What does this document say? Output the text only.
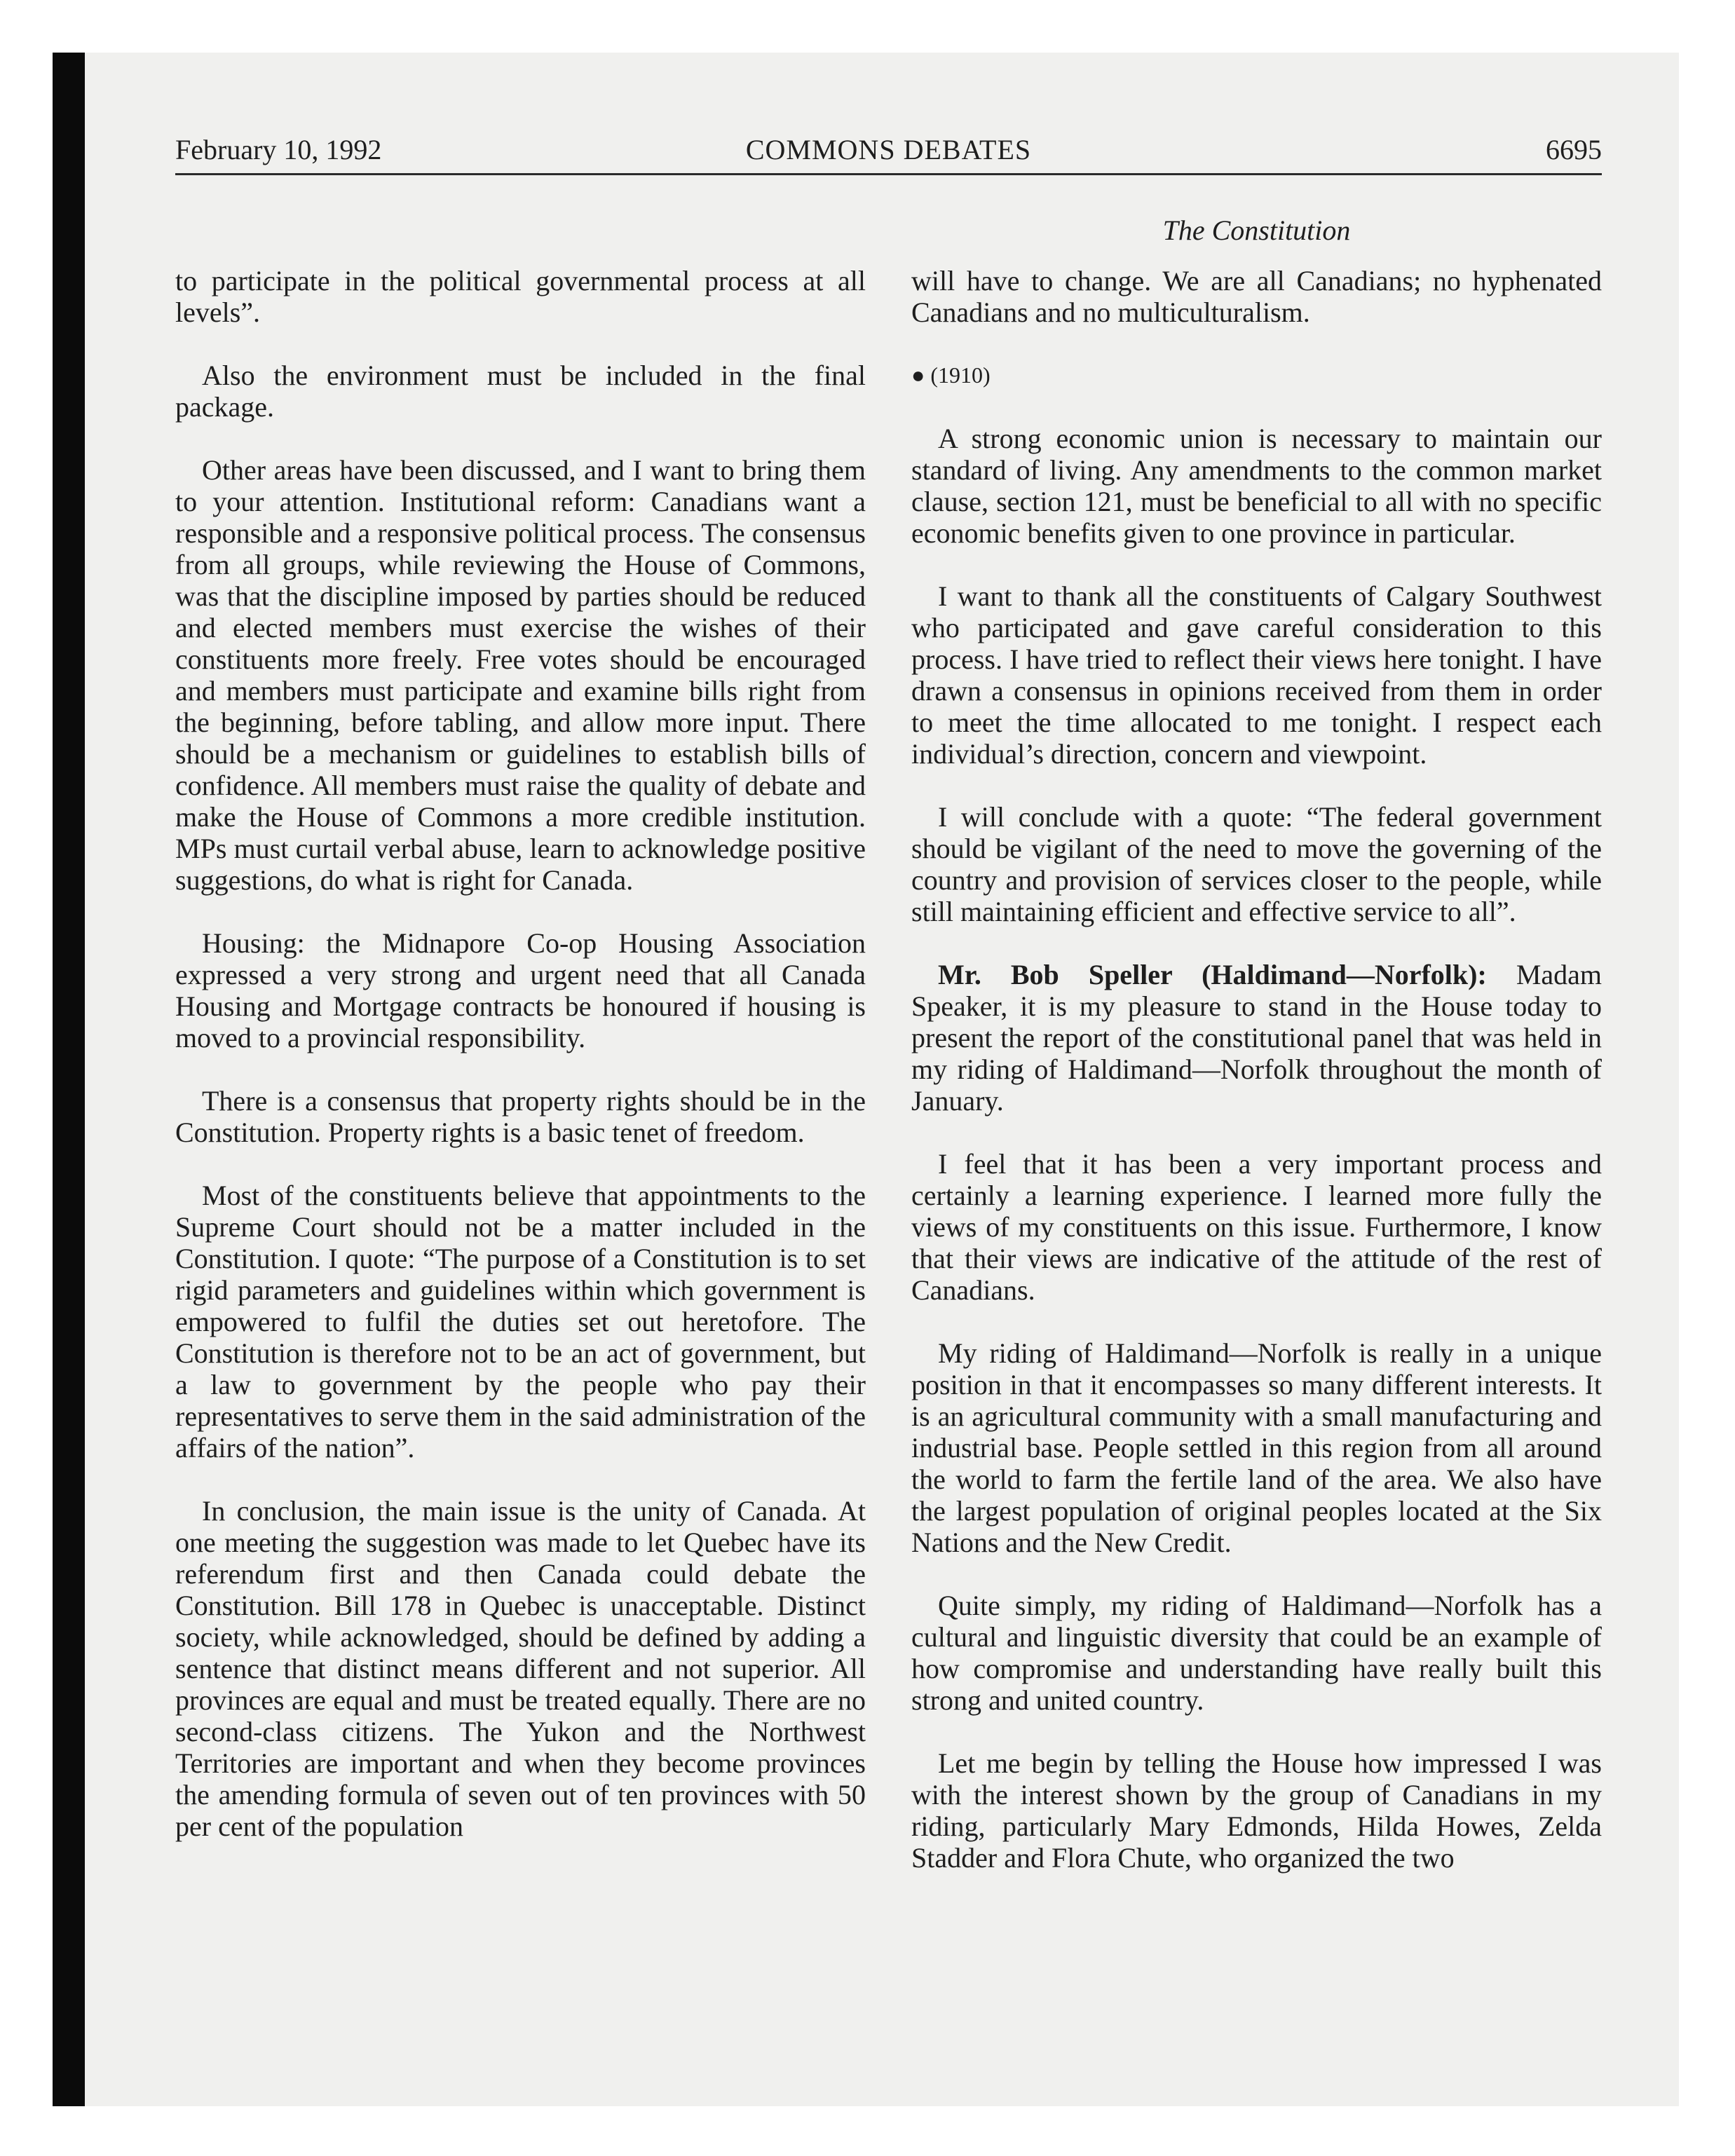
February 10, 1992	COMMONS DEBATES	6695
The Constitution

to participate in the political governmental process at all levels”.

Also the environment must be included in the final package.

Other areas have been discussed, and I want to bring them to your attention. Institutional reform: Canadians want a responsible and a responsive political process. The consensus from all groups, while reviewing the House of Commons, was that the discipline imposed by parties should be reduced and elected members must exercise the wishes of their constituents more freely. Free votes should be encouraged and members must participate and examine bills right from the beginning, before tabling, and allow more input. There should be a mechanism or guidelines to establish bills of confidence. All members must raise the quality of debate and make the House of Commons a more credible institution. MPs must curtail verbal abuse, learn to acknowledge positive suggestions, do what is right for Canada.

Housing: the Midnapore Co-op Housing Association expressed a very strong and urgent need that all Canada Housing and Mortgage contracts be honoured if housing is moved to a provincial responsibility.

There is a consensus that property rights should be in the Constitution. Property rights is a basic tenet of freedom.

Most of the constituents believe that appointments to the Supreme Court should not be a matter included in the Constitution. I quote: “The purpose of a Constitution is to set rigid parameters and guidelines within which government is empowered to fulfil the duties set out heretofore. The Constitution is therefore not to be an act of government, but a law to government by the people who pay their representatives to serve them in the said administration of the affairs of the nation”.

In conclusion, the main issue is the unity of Canada. At one meeting the suggestion was made to let Quebec have its referendum first and then Canada could debate the Constitution. Bill 178 in Quebec is unacceptable. Distinct society, while acknowledged, should be defined by adding a sentence that distinct means different and not superior. All provinces are equal and must be treated equally. There are no second-class citizens. The Yukon and the Northwest Territories are important and when they become provinces the amending formula of seven out of ten provinces with 50 per cent of the population

will have to change. We are all Canadians; no hyphenated Canadians and no multiculturalism.

● (1910)

A strong economic union is necessary to maintain our standard of living. Any amendments to the common market clause, section 121, must be beneficial to all with no specific economic benefits given to one province in particular.

I want to thank all the constituents of Calgary Southwest who participated and gave careful consideration to this process. I have tried to reflect their views here tonight. I have drawn a consensus in opinions received from them in order to meet the time allocated to me tonight. I respect each individual’s direction, concern and viewpoint.

I will conclude with a quote: “The federal government should be vigilant of the need to move the governing of the country and provision of services closer to the people, while still maintaining efficient and effective service to all”.

Mr. Bob Speller (Haldimand—Norfolk): Madam Speaker, it is my pleasure to stand in the House today to present the report of the constitutional panel that was held in my riding of Haldimand—Norfolk throughout the month of January.

I feel that it has been a very important process and certainly a learning experience. I learned more fully the views of my constituents on this issue. Furthermore, I know that their views are indicative of the attitude of the rest of Canadians.

My riding of Haldimand—Norfolk is really in a unique position in that it encompasses so many different interests. It is an agricultural community with a small manufacturing and industrial base. People settled in this region from all around the world to farm the fertile land of the area. We also have the largest population of original peoples located at the Six Nations and the New Credit.

Quite simply, my riding of Haldimand—Norfolk has a cultural and linguistic diversity that could be an example of how compromise and understanding have really built this strong and united country.

Let me begin by telling the House how impressed I was with the interest shown by the group of Canadians in my riding, particularly Mary Edmonds, Hilda Howes, Zelda Stadder and Flora Chute, who organized the two
